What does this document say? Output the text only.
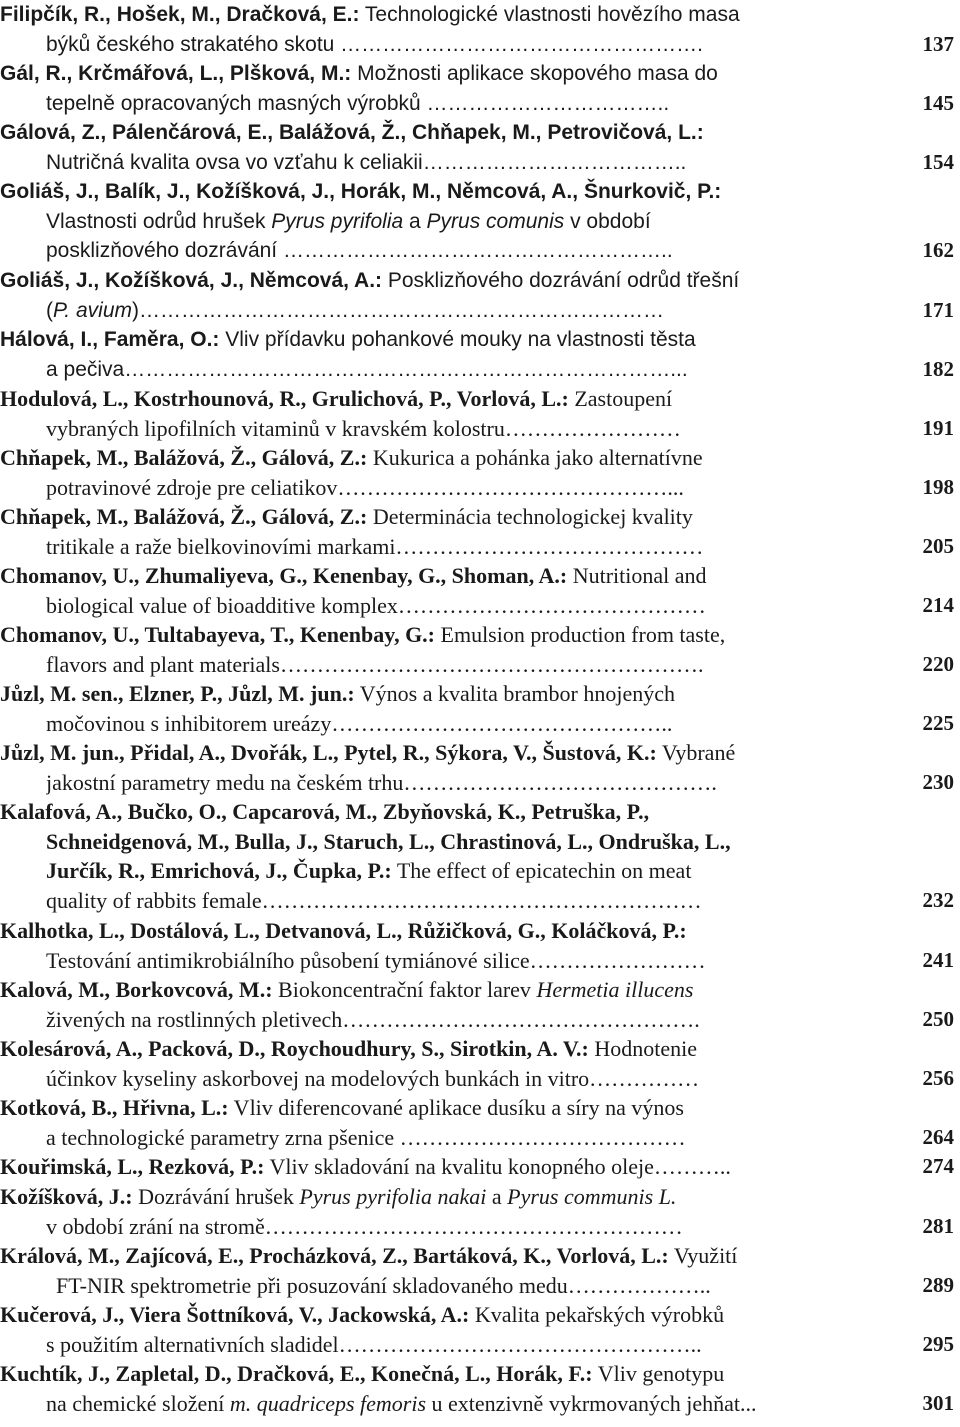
Filipčík, R., Hošek, M., Dračková, E.: Technologické vlastnosti hovězího masa
býků českého strakatého skotu …………………………………………….	137
Gál, R., Krčmářová, L., Plšková, M.: Možnosti aplikace skopového masa do
tepelně opracovaných masných výrobků ……………………………..	145
Gálová, Z., Pálenčárová, E., Balážová, Ž., Chňapek, M., Petrovičová, L.:
Nutričná kvalita ovsa vo vzťahu k celiakii………………………………..	154
Goliáš, J., Balík, J., Kožíšková, J., Horák, M., Němcová, A., Šnurkovič, P.:
Vlastnosti odrůd hrušek Pyrus pyrifolia a Pyrus comunis v období
posklizňového dozrávání ………………………………………………..	162
Goliáš, J., Kožíšková, J., Němcová, A.: Posklizňového dozrávání odrůd třešní
(P. avium)…………………………………………………………………	171
Hálová, I., Faměra, O.: Vliv přídavku pohankové mouky na vlastnosti těsta
a pečiva……………………………………………………………………...	182
Hodulová, L., Kostrhounová, R., Grulichová, P., Vorlová, L.: Zastoupení
vybraných lipofilních vitaminů v kravském kolostru……………………	191
Chňapek, M., Balážová, Ž., Gálová, Z.: Kukurica a pohánka jako alternatívne
potravinové zdroje pre celiatikov………………………………………...	198
Chňapek, M., Balážová, Ž., Gálová, Z.: Determinácia technologickej kvality
tritikale a raže bielkovinovími markami……………………………………	205
Chomanov, U., Zhumaliyeva, G., Kenenbay, G., Shoman, A.: Nutritional and
biological value of bioadditive komplex……………………………………	214
Chomanov, U., Tultabayeva, T., Kenenbay, G.: Emulsion production from taste,
flavors and plant materials………………………………………………….	220
Jůzl, M. sen., Elzner, P., Jůzl, M. jun.: Výnos a kvalita brambor hnojených
močovinou s inhibitorem ureázy………………………………………..	225
Jůzl, M. jun., Přidal, A., Dvořák, L., Pytel, R., Sýkora, V., Šustová, K.: Vybrané
jakostní parametry medu na českém trhu…………………………………….	230
Kalafová, A., Bučko, O., Capcarová, M., Zbyňovská, K., Petruška, P.,
Schneidgenová, M., Bulla, J., Staruch, L., Chrastinová, L., Ondruška, L.,
Jurčík, R., Emrichová, J., Čupka, P.: The effect of epicatechin on meat
quality of rabbits female……………………………………………………	232
Kalhotka, L., Dostálová, L., Detvanová, L., Růžičková, G., Koláčková, P.:
Testování antimikrobiálního působení tymiánové silice……………………	241
Kalová, M., Borkovcová, M.: Biokoncentrační faktor larev Hermetia illucens
živených na rostlinných pletivech………………………………………….	250
Kolesárová, A., Packová, D., Roychoudhury, S., Sirotkin, A. V.: Hodnotenie
účinkov kyseliny askorbovej na modelových bunkách in vitro……………	256
Kotková, B., Hřivna, L.: Vliv diferencované aplikace dusíku a síry na výnos
a technologické parametry zrna pšenice …………………………………	264
Kouřimská, L., Rezková, P.: Vliv skladování na kvalitu konopného oleje………..	274
Kožíšková, J.: Dozrávání hrušek Pyrus pyrifolia nakai a Pyrus communis L.
v období zrání na stromě…………………………………………………	281
Králová, M., Zajícová, E., Procházková, Z., Bartáková, K., Vorlová, L.: Využití
FT-NIR spektrometrie při posuzování skladovaného medu………………..	289
Kučerová, J., Viera Šottníková, V., Jackowská, A.: Kvalita pekařských výrobků
s použitím alternativních sladidel…………………………………………..	295
Kuchtík, J., Zapletal, D., Dračková, E., Konečná, L., Horák, F.: Vliv genotypu
na chemické složení m. quadriceps femoris u extenzivně vykrmovaných jehňat...	301
